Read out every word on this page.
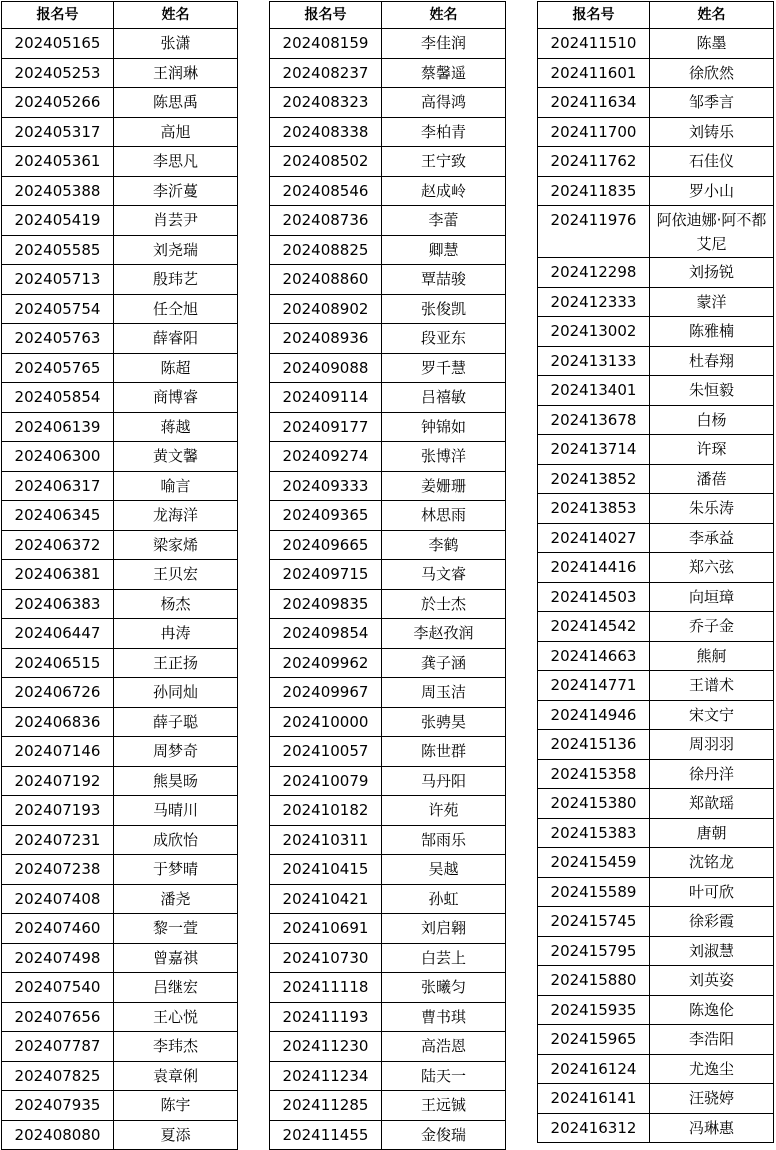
报名号	姓名
202405165	张潇
202405253	王润琳
202405266	陈思禹
202405317	高旭
202405361	李思凡
202405388	李沂蔓
202405419	肖芸尹
202405585	刘尧瑞
202405713	殷玮艺
202405754	任仝旭
202405763	薛睿阳
202405765	陈超
202405854	商博睿
202406139	蒋越
202406300	黄文馨
202406317	喻言
202406345	龙海洋
202406372	梁家烯
202406381	王贝宏
202406383	杨杰
202406447	冉涛
202406515	王正扬
202406726	孙同灿
202406836	薛子聪
202407146	周梦奇
202407192	熊昊旸
202407193	马晴川
202407231	成欣怡
202407238	于梦晴
202407408	潘尧
202407460	黎一萱
202407498	曾嘉祺
202407540	吕继宏
202407656	王心悦
202407787	李玮杰
202407825	袁章俐
202407935	陈宇
202408080	夏添
报名号	姓名
202408159	李佳润
202408237	蔡馨遥
202408323	高得鸿
202408338	李柏青
202408502	王宁致
202408546	赵成岭
202408736	李蕾
202408825	卿慧
202408860	覃喆骏
202408902	张俊凯
202408936	段亚东
202409088	罗千慧
202409114	吕禧敏
202409177	钟锦如
202409274	张博洋
202409333	姜姗珊
202409365	林思雨
202409665	李鹤
202409715	马文睿
202409835	於士杰
202409854	李赵孜润
202409962	龚子涵
202409967	周玉洁
202410000	张骋昊
202410057	陈世群
202410079	马丹阳
202410182	许苑
202410311	郜雨乐
202410415	吴越
202410421	孙虹
202410691	刘启翱
202410730	白芸上
202411118	张曦匀
202411193	曹书琪
202411230	高浩恩
202411234	陆天一
202411285	王远铖
202411455	金俊瑞
报名号	姓名
202411510	陈墨
202411601	徐欣然
202411634	邹季言
202411700	刘铸乐
202411762	石佳仪
202411835	罗小山
202411976	阿依迪娜·阿不都艾尼
202412298	刘扬锐
202412333	蒙洋
202413002	陈雅楠
202413133	杜春翔
202413401	朱恒毅
202413678	白杨
202413714	许琛
202413852	潘蓓
202413853	朱乐涛
202414027	李承益
202414416	郑六弦
202414503	向垣璋
202414542	乔子金
202414663	熊舸
202414771	王谱术
202414946	宋文宁
202415136	周羽羽
202415358	徐丹洋
202415380	郑歆瑶
202415383	唐朝
202415459	沈铭龙
202415589	叶可欣
202415745	徐彩霞
202415795	刘淑慧
202415880	刘英姿
202415935	陈逸伦
202415965	李浩阳
202416124	尤逸尘
202416141	汪骁婷
202416312	冯琳惠
